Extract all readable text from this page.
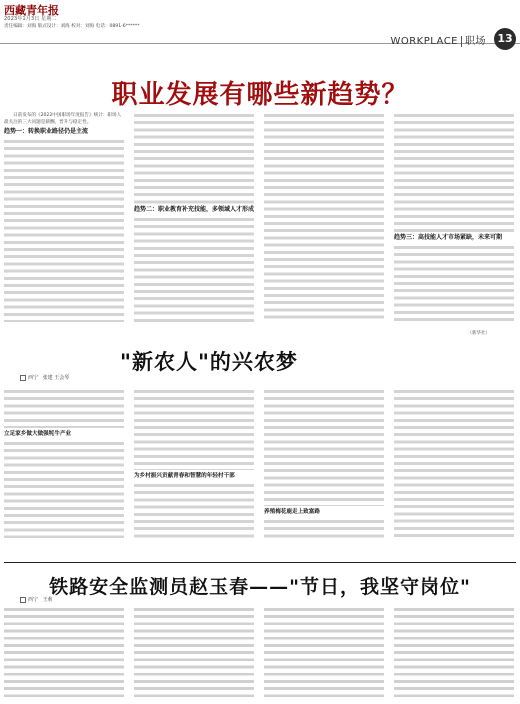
西藏青年报
2023年1月3日 星期二
责任编辑：刘海 版式设计：刘海 校对：刘海 电话：0891-6******
WORKPLACE 职场	13
职业发展有哪些新趋势？

日前发布的《2022中国职场年度报告》统计：职场人最关注的三大问题是薪酬、晋升与稳定性。

趋势一：转换职业路径仍是主流
趋势二：职业教育补充技能，多领域人才形成
趋势三：高技能人才市场紧缺，未来可期
（新华社）
"新农人"的兴农梦
西宁 张建 王会琴
立足家乡做大做强牦牛产业
为乡村振兴贡献青春和智慧的年轻村干部
养殖梅花鹿走上致富路
铁路安全监测员赵玉春——"节日，我坚守岗位"
西宁 王莉
